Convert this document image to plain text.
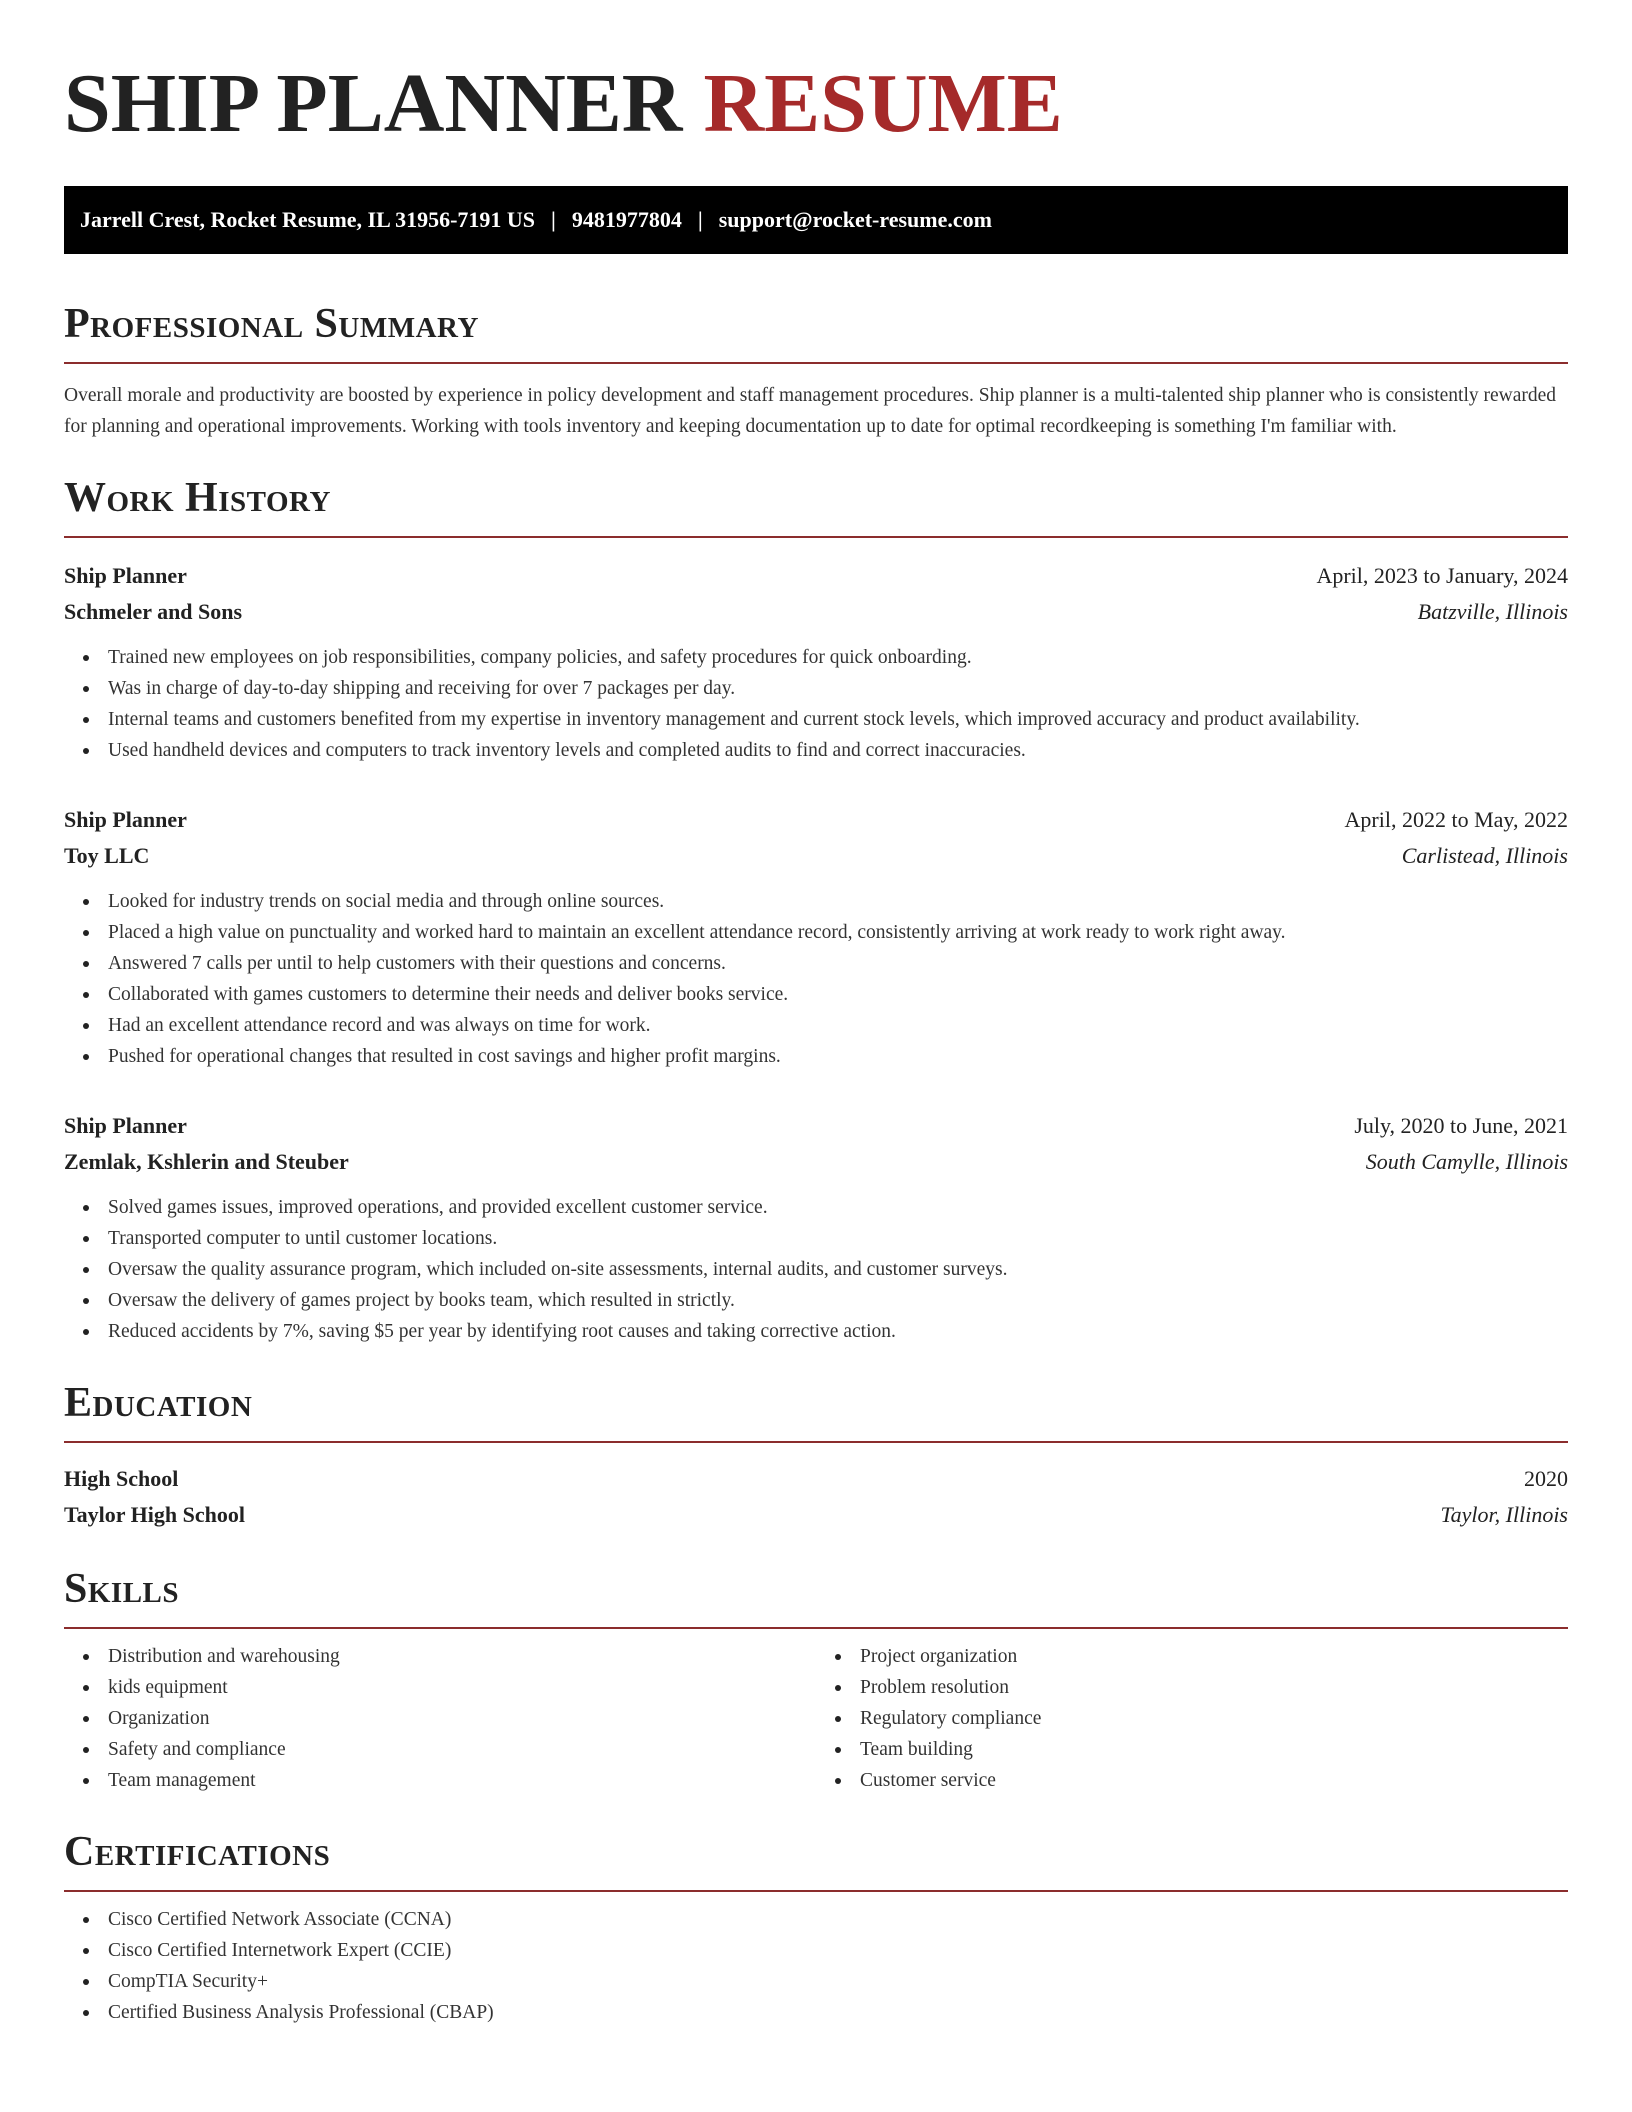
SHIP PLANNER RESUME
Jarrell Crest, Rocket Resume, IL 31956-7191 US | 9481977804 | support@rocket-resume.com
Professional Summary

Overall morale and productivity are boosted by experience in policy development and staff management procedures. Ship planner is a multi-talented ship planner who is consistently rewarded for planning and operational improvements. Working with tools inventory and keeping documentation up to date for optimal recordkeeping is something I'm familiar with.

Work History
Ship Planner	April, 2023 to January, 2024
Schmeler and Sons	Batzville, Illinois
Trained new employees on job responsibilities, company policies, and safety procedures for quick onboarding.
Was in charge of day-to-day shipping and receiving for over 7 packages per day.
Internal teams and customers benefited from my expertise in inventory management and current stock levels, which improved accuracy and product availability.
Used handheld devices and computers to track inventory levels and completed audits to find and correct inaccuracies.
Ship Planner	April, 2022 to May, 2022
Toy LLC	Carlistead, Illinois
Looked for industry trends on social media and through online sources.
Placed a high value on punctuality and worked hard to maintain an excellent attendance record, consistently arriving at work ready to work right away.
Answered 7 calls per until to help customers with their questions and concerns.
Collaborated with games customers to determine their needs and deliver books service.
Had an excellent attendance record and was always on time for work.
Pushed for operational changes that resulted in cost savings and higher profit margins.
Ship Planner	July, 2020 to June, 2021
Zemlak, Kshlerin and Steuber	South Camylle, Illinois
Solved games issues, improved operations, and provided excellent customer service.
Transported computer to until customer locations.
Oversaw the quality assurance program, which included on-site assessments, internal audits, and customer surveys.
Oversaw the delivery of games project by books team, which resulted in strictly.
Reduced accidents by 7%, saving $5 per year by identifying root causes and taking corrective action.
Education
High School	2020
Taylor High School	Taylor, Illinois
Skills
Distribution and warehousing
kids equipment
Organization
Safety and compliance
Team management
Project organization
Problem resolution
Regulatory compliance
Team building
Customer service
Certifications
Cisco Certified Network Associate (CCNA)
Cisco Certified Internetwork Expert (CCIE)
CompTIA Security+
Certified Business Analysis Professional (CBAP)
